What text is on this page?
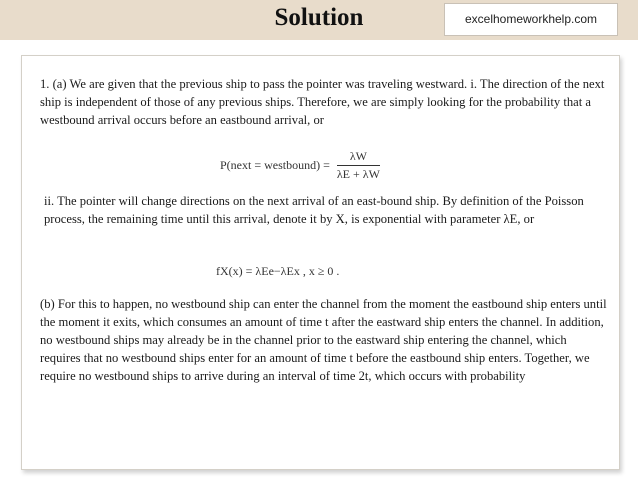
Solution	excelhomeworkhelp.com

1. (a) We are given that the previous ship to pass the pointer was traveling westward. i. The direction of the next ship is independent of those of any previous ships. Therefore, we are simply looking for the probability that a westbound arrival occurs before an eastbound arrival, or

P(next = westbound) = $\frac{\lambda W}{\lambda E + \lambda W}$

ii. The pointer will change directions on the next arrival of an east-bound ship. By definition of the Poisson process, the remaining time until this arrival, denote it by X, is exponential with parameter λE, or

fX(x) = λEe−λEx , x ≥ 0 .

(b) For this to happen, no westbound ship can enter the channel from the moment the eastbound ship enters until the moment it exits, which consumes an amount of time t after the eastward ship enters the channel. In addition, no westbound ships may already be in the channel prior to the eastward ship entering the channel, which requires that no westbound ships enter for an amount of time t before the eastbound ship enters. Together, we require no westbound ships to arrive during an interval of time 2t, which occurs with probability
